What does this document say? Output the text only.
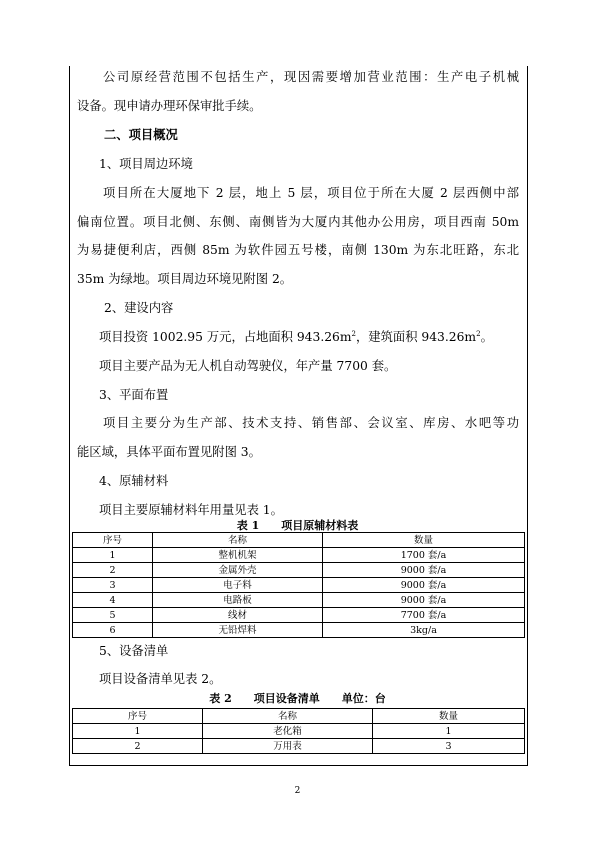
公司原经营范围不包括生产，现因需要增加营业范围：生产电子机械
设备。现申请办理环保审批手续。
二、项目概况
1、项目周边环境
项目所在大厦地下 2 层，地上 5 层，项目位于所在大厦 2 层西侧中部
偏南位置。项目北侧、东侧、南侧皆为大厦内其他办公用房，项目西南 50m
为易捷便利店，西侧 85m 为软件园五号楼，南侧 130m 为东北旺路，东北
35m 为绿地。项目周边环境见附图 2。
2、建设内容
项目投资 1002.95 万元，占地面积 $943.26m^2$，建筑面积 $943.26m^2$。
项目主要产品为无人机自动驾驶仪，年产量 7700 套。
3、平面布置
项目主要分为生产部、技术支持、销售部、会议室、库房、水吧等功
能区域，具体平面布置见附图 3。
4、原辅材料
项目主要原辅材料年用量见表 1。
表 1　　项目原辅材料表
序号	名称	数量
1	整机机架	1700 套/a
2	金属外壳	9000 套/a
3	电子料	9000 套/a
4	电路板	9000 套/a
5	线材	7700 套/a
6	无铅焊料	3kg/a
5、设备清单
项目设备清单见表 2。
表 2　　项目设备清单　　单位：台
序号	名称	数量
1	老化箱	1
2	万用表	3
2
